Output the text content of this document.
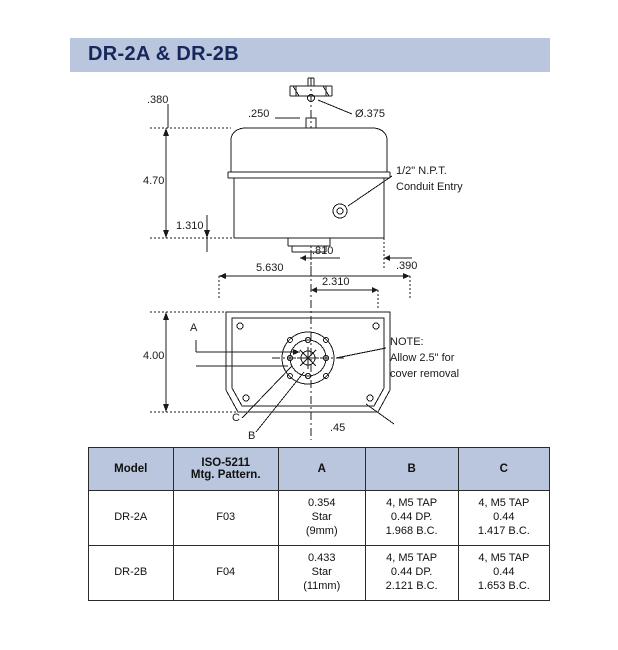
DR-2A & DR-2B
.380
.250	Ø.375
4.70
1.310
.810
.390
5.630
2.310
4.00
.45
A
B
C
1/2" N.P.T.
Conduit Entry
NOTE:
Allow 2.5" for
cover removal
Model	ISO-5211
Mtg. Pattern.	A	B	C
DR-2A	F03	0.354
Star
(9mm)	4, M5 TAP
0.44 DP.
1.968 B.C.	4, M5 TAP
0.44
1.417 B.C.
DR-2B	F04	0.433
Star
(11mm)	4, M5 TAP
0.44 DP.
2.121 B.C.	4, M5 TAP
0.44
1.653 B.C.
